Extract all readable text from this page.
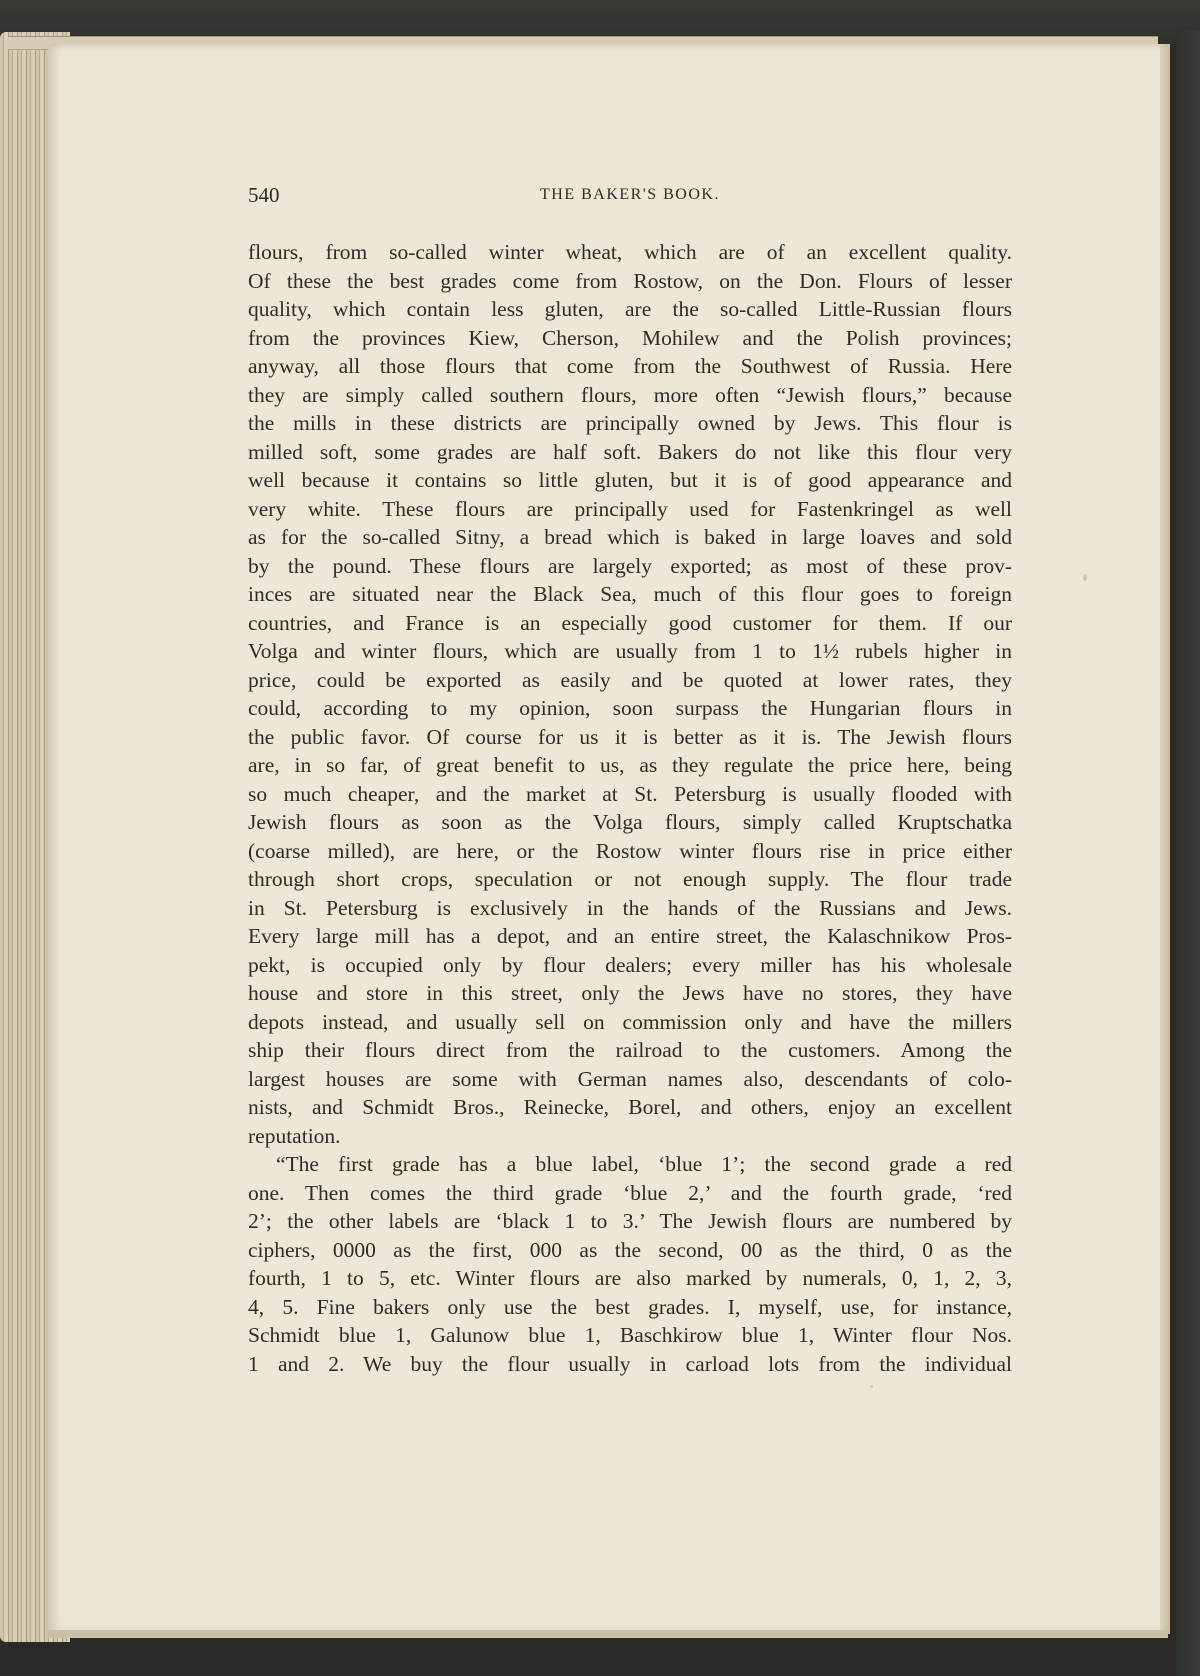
540	THE BAKER'S BOOK.
flours, from so-called winter wheat, which are of an excellent quality.
Of these the best grades come from Rostow, on the Don. Flours of lesser
quality, which contain less gluten, are the so-called Little-Russian flours
from the provinces Kiew, Cherson, Mohilew and the Polish provinces;
anyway, all those flours that come from the Southwest of Russia. Here
they are simply called southern flours, more often “Jewish flours,” because
the mills in these districts are principally owned by Jews. This flour is
milled soft, some grades are half soft. Bakers do not like this flour very
well because it contains so little gluten, but it is of good appearance and
very white. These flours are principally used for Fastenkringel as well
as for the so-called Sitny, a bread which is baked in large loaves and sold
by the pound. These flours are largely exported; as most of these prov-
inces are situated near the Black Sea, much of this flour goes to foreign
countries, and France is an especially good customer for them. If our
Volga and winter flours, which are usually from 1 to 1½ rubels higher in
price, could be exported as easily and be quoted at lower rates, they
could, according to my opinion, soon surpass the Hungarian flours in
the public favor. Of course for us it is better as it is. The Jewish flours
are, in so far, of great benefit to us, as they regulate the price here, being
so much cheaper, and the market at St. Petersburg is usually flooded with
Jewish flours as soon as the Volga flours, simply called Kruptschatka
(coarse milled), are here, or the Rostow winter flours rise in price either
through short crops, speculation or not enough supply. The flour trade
in St. Petersburg is exclusively in the hands of the Russians and Jews.
Every large mill has a depot, and an entire street, the Kalaschnikow Pros-
pekt, is occupied only by flour dealers; every miller has his wholesale
house and store in this street, only the Jews have no stores, they have
depots instead, and usually sell on commission only and have the millers
ship their flours direct from the railroad to the customers. Among the
largest houses are some with German names also, descendants of colo-
nists, and Schmidt Bros., Reinecke, Borel, and others, enjoy an excellent
reputation.
“The first grade has a blue label, ‘blue 1’; the second grade a red
one. Then comes the third grade ‘blue 2,’ and the fourth grade, ‘red
2’; the other labels are ‘black 1 to 3.’ The Jewish flours are numbered by
ciphers, 0000 as the first, 000 as the second, 00 as the third, 0 as the
fourth, 1 to 5, etc. Winter flours are also marked by numerals, 0, 1, 2, 3,
4, 5. Fine bakers only use the best grades. I, myself, use, for instance,
Schmidt blue 1, Galunow blue 1, Baschkirow blue 1, Winter flour Nos.
1 and 2. We buy the flour usually in carload lots from the individual
